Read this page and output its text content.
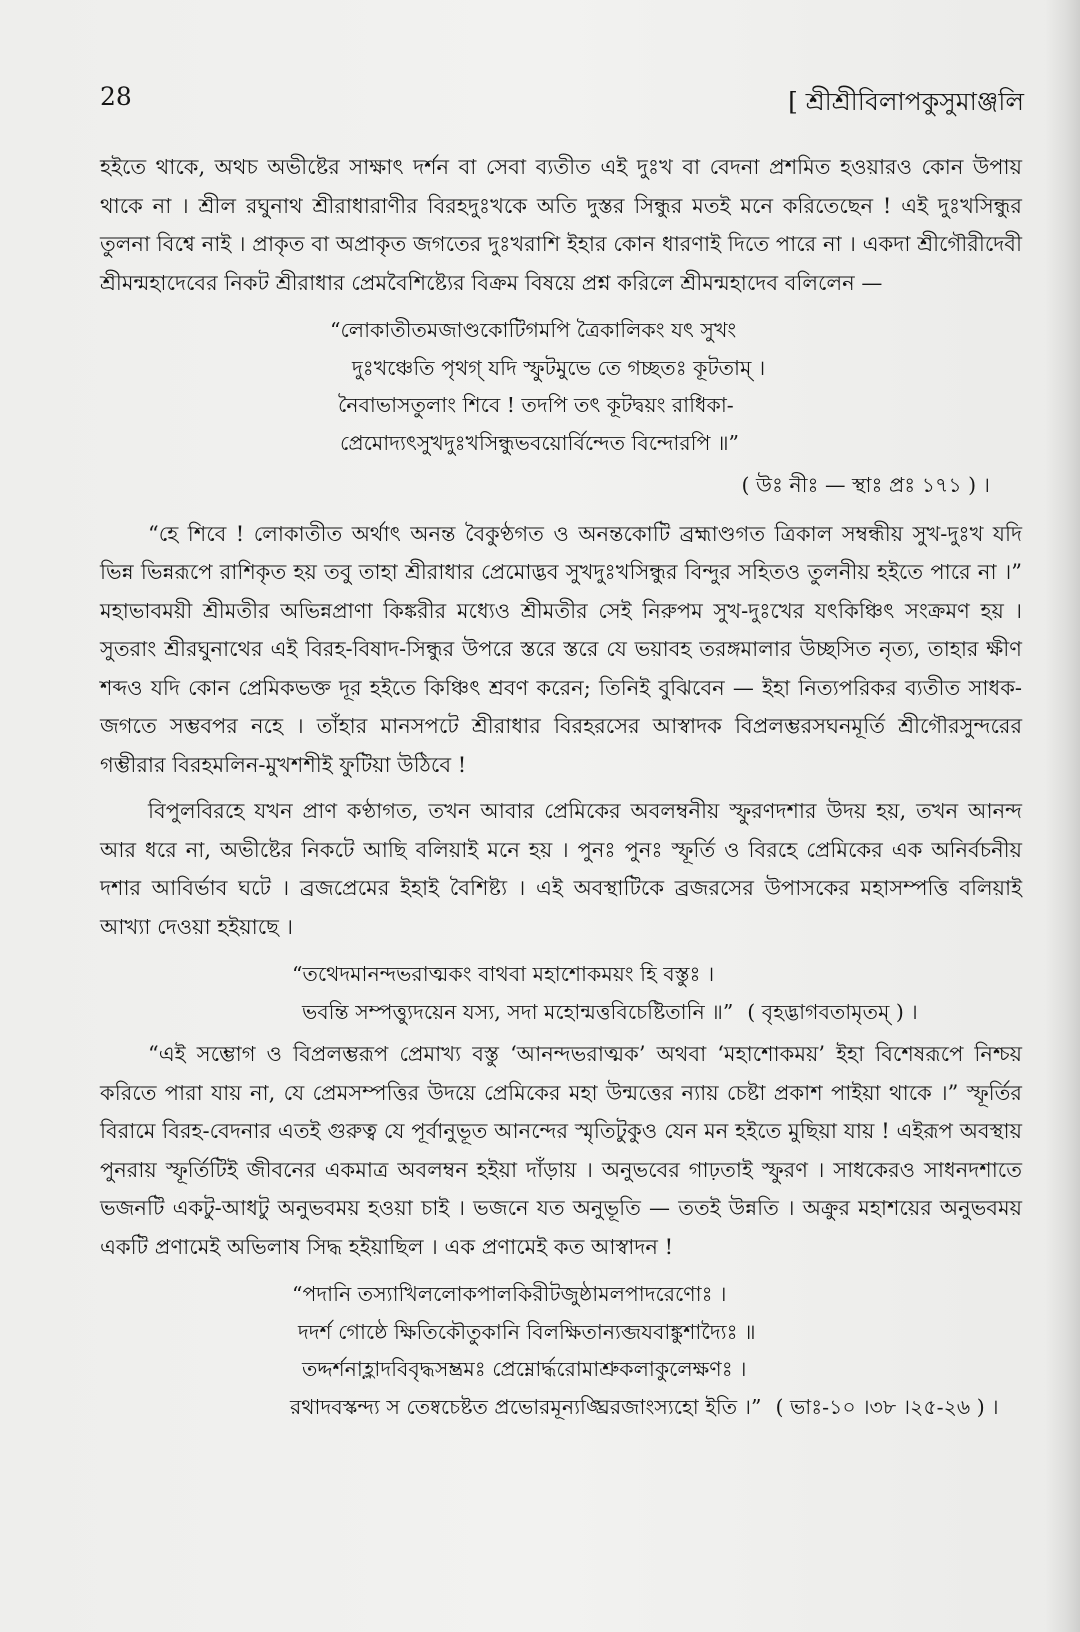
28	[ শ্রীশ্রীবিলাপকুসুমাঞ্জলি

হইতে থাকে, অথচ অভীষ্টের সাক্ষাৎ দর্শন বা সেবা ব্যতীত এই দুঃখ বা বেদনা প্রশমিত হওয়ারও কোন উপায় থাকে না । শ্রীল রঘুনাথ শ্রীরাধারাণীর বিরহদুঃখকে অতি দুস্তর সিন্ধুর মতই মনে করিতেছেন ! এই দুঃখসিন্ধুর তুলনা বিশ্বে নাই । প্রাকৃত বা অপ্রাকৃত জগতের দুঃখরাশি ইহার কোন ধারণাই দিতে পারে না । একদা শ্রীগৌরীদেবী শ্রীমন্মহাদেবের নিকট শ্রীরাধার প্রেমবৈশিষ্ট্যের বিক্রম বিষয়ে প্রশ্ন করিলে শ্রীমন্মহাদেব বলিলেন —

“লোকাতীতমজাণ্ডকোটিগমপি ত্রৈকালিকং যৎ সুখং
দুঃখঞ্চেতি পৃথগ্ যদি স্ফুটমুভে তে গচ্ছতঃ কূটতাম্ ।
নৈবাভাসতুলাং শিবে ! তদপি তৎ কূটদ্বয়ং রাধিকা-
প্রেমোদ্যৎসুখদুঃখসিন্ধুভবয়োর্বিন্দেত বিন্দোরপি ॥”
( উঃ নীঃ — স্থাঃ প্রঃ ১৭১ ) ।

“হে শিবে ! লোকাতীত অর্থাৎ অনন্ত বৈকুণ্ঠগত ও অনন্তকোটি ব্রহ্মাণ্ডগত ত্রিকাল সম্বন্ধীয় সুখ-দুঃখ যদি ভিন্ন ভিন্নরূপে রাশিকৃত হয় তবু তাহা শ্রীরাধার প্রেমোদ্ভব সুখদুঃখসিন্ধুর বিন্দুর সহিতও তুলনীয় হইতে পারে না ।” মহাভাবময়ী শ্রীমতীর অভিন্নপ্রাণা কিঙ্করীর মধ্যেও শ্রীমতীর সেই নিরুপম সুখ-দুঃখের যৎকিঞ্চিৎ সংক্রমণ হয় । সুতরাং শ্রীরঘুনাথের এই বিরহ-বিষাদ-সিন্ধুর উপরে স্তরে স্তরে যে ভয়াবহ তরঙ্গমালার উচ্ছসিত নৃত্য, তাহার ক্ষীণ শব্দও যদি কোন প্রেমিকভক্ত দূর হইতে কিঞ্চিৎ শ্রবণ করেন; তিনিই বুঝিবেন — ইহা নিত্যপরিকর ব্যতীত সাধক-জগতে সম্ভবপর নহে । তাঁহার মানসপটে শ্রীরাধার বিরহরসের আস্বাদক বিপ্রলম্ভরসঘনমূর্তি শ্রীগৌরসুন্দরের গম্ভীরার বিরহমলিন-মুখশশীই ফুটিয়া উঠিবে !

বিপুলবিরহে যখন প্রাণ কণ্ঠাগত, তখন আবার প্রেমিকের অবলম্বনীয় স্ফুরণদশার উদয় হয়, তখন আনন্দ আর ধরে না, অভীষ্টের নিকটে আছি বলিয়াই মনে হয় । পুনঃ পুনঃ স্ফূর্তি ও বিরহে প্রেমিকের এক অনির্বচনীয় দশার আবির্ভাব ঘটে । ব্রজপ্রেমের ইহাই বৈশিষ্ট্য । এই অবস্থাটিকে ব্রজরসের উপাসকের মহাসম্পত্তি বলিয়াই আখ্যা দেওয়া হইয়াছে ।

“তথেদমানন্দভরাত্মকং বাথবা মহাশোকময়ং হি বস্তুঃ ।
ভবন্তি সম্পত্ত্যুদয়েন যস্য, সদা মহোন্মত্তবিচেষ্টিতানি ॥” ( বৃহদ্ভাগবতামৃতম্ ) ।

“এই সম্ভোগ ও বিপ্রলম্ভরূপ প্রেমাখ্য বস্তু ‘আনন্দভরাত্মক’ অথবা ‘মহাশোকময়’ ইহা বিশেষরূপে নিশ্চয় করিতে পারা যায় না, যে প্রেমসম্পত্তির উদয়ে প্রেমিকের মহা উন্মত্তের ন্যায় চেষ্টা প্রকাশ পাইয়া থাকে ।” স্ফূর্তির বিরামে বিরহ-বেদনার এতই গুরুত্ব যে পূর্বানুভূত আনন্দের স্মৃতিটুকুও যেন মন হইতে মুছিয়া যায় ! এইরূপ অবস্থায় পুনরায় স্ফূর্তিটিই জীবনের একমাত্র অবলম্বন হইয়া দাঁড়ায় । অনুভবের গাঢ়তাই স্ফুরণ । সাধকেরও সাধনদশাতে ভজনটি একটু-আধটু অনুভবময় হওয়া চাই । ভজনে যত অনুভূতি — ততই উন্নতি । অক্রুর মহাশয়ের অনুভবময় একটি প্রণামেই অভিলাষ সিদ্ধ হইয়াছিল । এক প্রণামেই কত আস্বাদন !

“পদানি তস্যাখিললোকপালকিরীটজুষ্ঠামলপাদরেণোঃ ।
দদর্শ গোষ্ঠে ক্ষিতিকৌতুকানি বিলক্ষিতান্যব্জযবাঙ্কুশাদ্যৈঃ ॥
তদ্দর্শনাহ্লাদবিবৃদ্ধসম্ভ্রমঃ প্রেম্নোর্দ্ধরোমাশ্রুকলাকুলেক্ষণঃ ।
রথাদবস্কন্দ্য স তেষ্বচেষ্টত প্রভোরমূন্যঙ্ঘ্রিরজাংস্যহো ইতি ।” ( ভাঃ-১০ ।৩৮ ।২৫-২৬ ) ।
